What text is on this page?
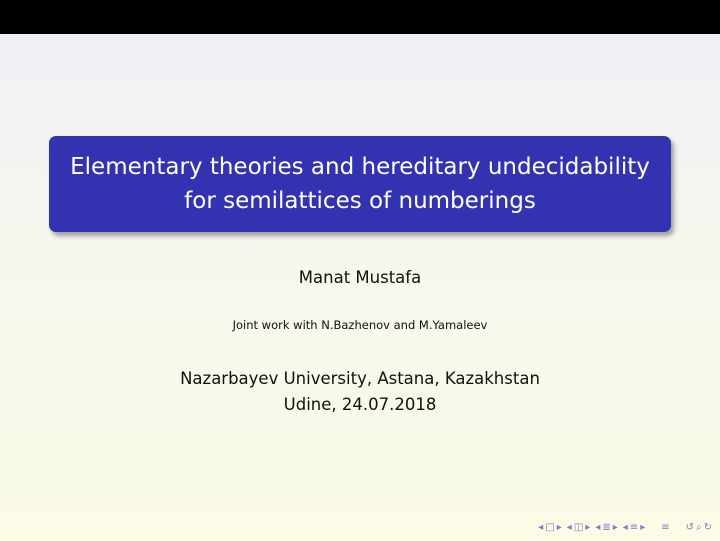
Elementary theories and hereditary undecidability
for semilattices of numberings
Manat Mustafa
Joint work with N.Bazhenov and M.Yamaleev
Nazarbayev University, Astana, Kazakhstan
Udine, 24.07.2018
◂ □ ▸ ◂ ◫ ▸ ◂ ≣ ▸ ◂ ≡ ▸ ≡ ↺ ⌕ ↻
